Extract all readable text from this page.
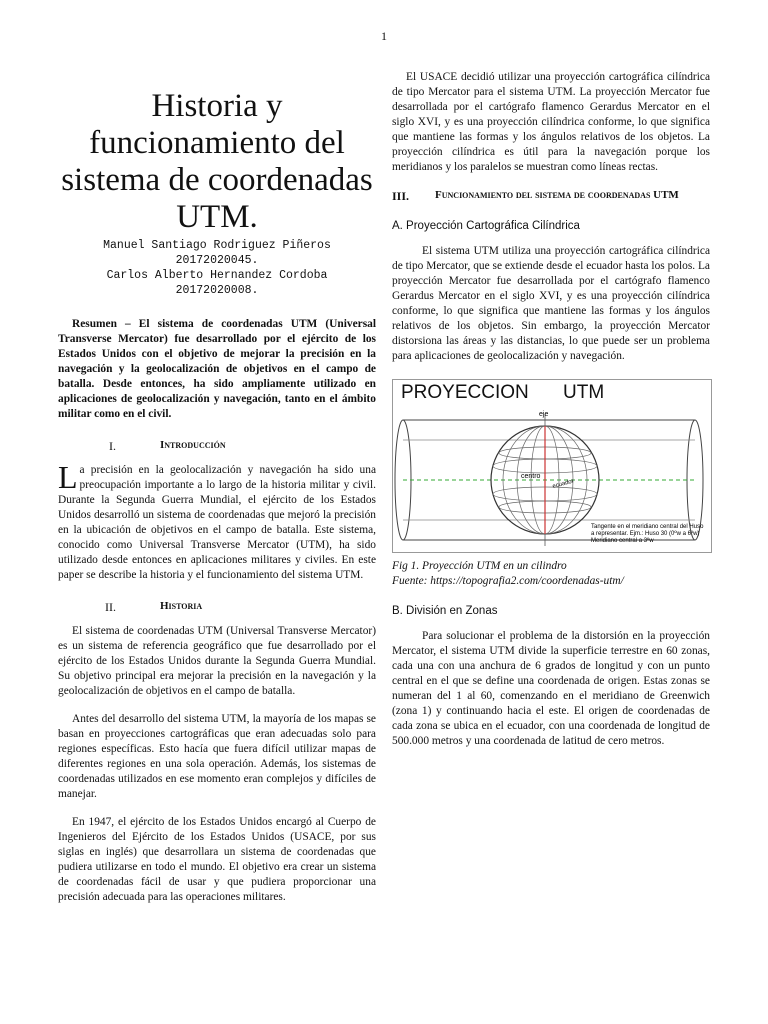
1
Historia y funcionamiento del sistema de coordenadas UTM.
Manuel Santiago Rodriguez Piñeros
20172020045.
Carlos Alberto Hernandez Cordoba
20172020008.

Resumen – El sistema de coordenadas UTM (Universal Transverse Mercator) fue desarrollado por el ejército de los Estados Unidos con el objetivo de mejorar la precisión en la navegación y la geolocalización de objetivos en el campo de batalla. Desde entonces, ha sido ampliamente utilizado en aplicaciones de geolocalización y navegación, tanto en el ámbito militar como en el civil.

I.	Introducción

La precisión en la geolocalización y navegación ha sido una preocupación importante a lo largo de la historia militar y civil. Durante la Segunda Guerra Mundial, el ejército de los Estados Unidos desarrolló un sistema de coordenadas que mejoró la precisión en la ubicación de objetivos en el campo de batalla. Este sistema, conocido como Universal Transverse Mercator (UTM), ha sido utilizado desde entonces en aplicaciones militares y civiles. En este paper se describe la historia y el funcionamiento del sistema UTM.

II.	Historia

El sistema de coordenadas UTM (Universal Transverse Mercator) es un sistema de referencia geográfico que fue desarrollado por el ejército de los Estados Unidos durante la Segunda Guerra Mundial. Su objetivo principal era mejorar la precisión en la navegación y la geolocalización de objetivos en el campo de batalla.

Antes del desarrollo del sistema UTM, la mayoría de los mapas se basan en proyecciones cartográficas que eran adecuadas solo para regiones específicas. Esto hacía que fuera difícil utilizar mapas de diferentes regiones en una sola operación. Además, los sistemas de coordenadas utilizados en ese momento eran complejos y difíciles de manejar.

En 1947, el ejército de los Estados Unidos encargó al Cuerpo de Ingenieros del Ejército de los Estados Unidos (USACE, por sus siglas en inglés) que desarrollara un sistema de coordenadas que pudiera utilizarse en todo el mundo. El objetivo era crear un sistema de coordenadas fácil de usar y que pudiera proporcionar una precisión adecuada para las operaciones militares.

El USACE decidió utilizar una proyección cartográfica cilíndrica de tipo Mercator para el sistema UTM. La proyección Mercator fue desarrollada por el cartógrafo flamenco Gerardus Mercator en el siglo XVI, y es una proyección cilíndrica conforme, lo que significa que mantiene las formas y los ángulos relativos de los objetos. La proyección cilíndrica es útil para la navegación porque los meridianos y los paralelos se muestran como líneas rectas.

III.	Funcionamiento del sistema de coordenadas UTM
A. Proyección Cartográfica Cilíndrica

El sistema UTM utiliza una proyección cartográfica cilíndrica de tipo Mercator, que se extiende desde el ecuador hasta los polos. La proyección Mercator fue desarrollada por el cartógrafo flamenco Gerardus Mercator en el siglo XVI, y es una proyección cilíndrica conforme, lo que significa que mantiene las formas y los ángulos relativos de los objetos. Sin embargo, la proyección Mercator distorsiona las áreas y las distancias, lo que puede ser un problema para aplicaciones de geolocalización y navegación.

PROYECCION UTM
eje
centro
ecuador
Tangente en el meridiano central del Huso
a representar. Ejm.: Huso 30 (0ºw a 6ºw)
Meridiano central a 3ºw
Fig 1. Proyección UTM en un cilindro
Fuente: https://topografia2.com/coordenadas-utm/
B. División en Zonas

Para solucionar el problema de la distorsión en la proyección Mercator, el sistema UTM divide la superficie terrestre en 60 zonas, cada una con una anchura de 6 grados de longitud y con un punto central en el que se define una coordenada de origen. Estas zonas se numeran del 1 al 60, comenzando en el meridiano de Greenwich (zona 1) y continuando hacia el este. El origen de coordenadas de cada zona se ubica en el ecuador, con una coordenada de longitud de 500.000 metros y una coordenada de latitud de cero metros.
